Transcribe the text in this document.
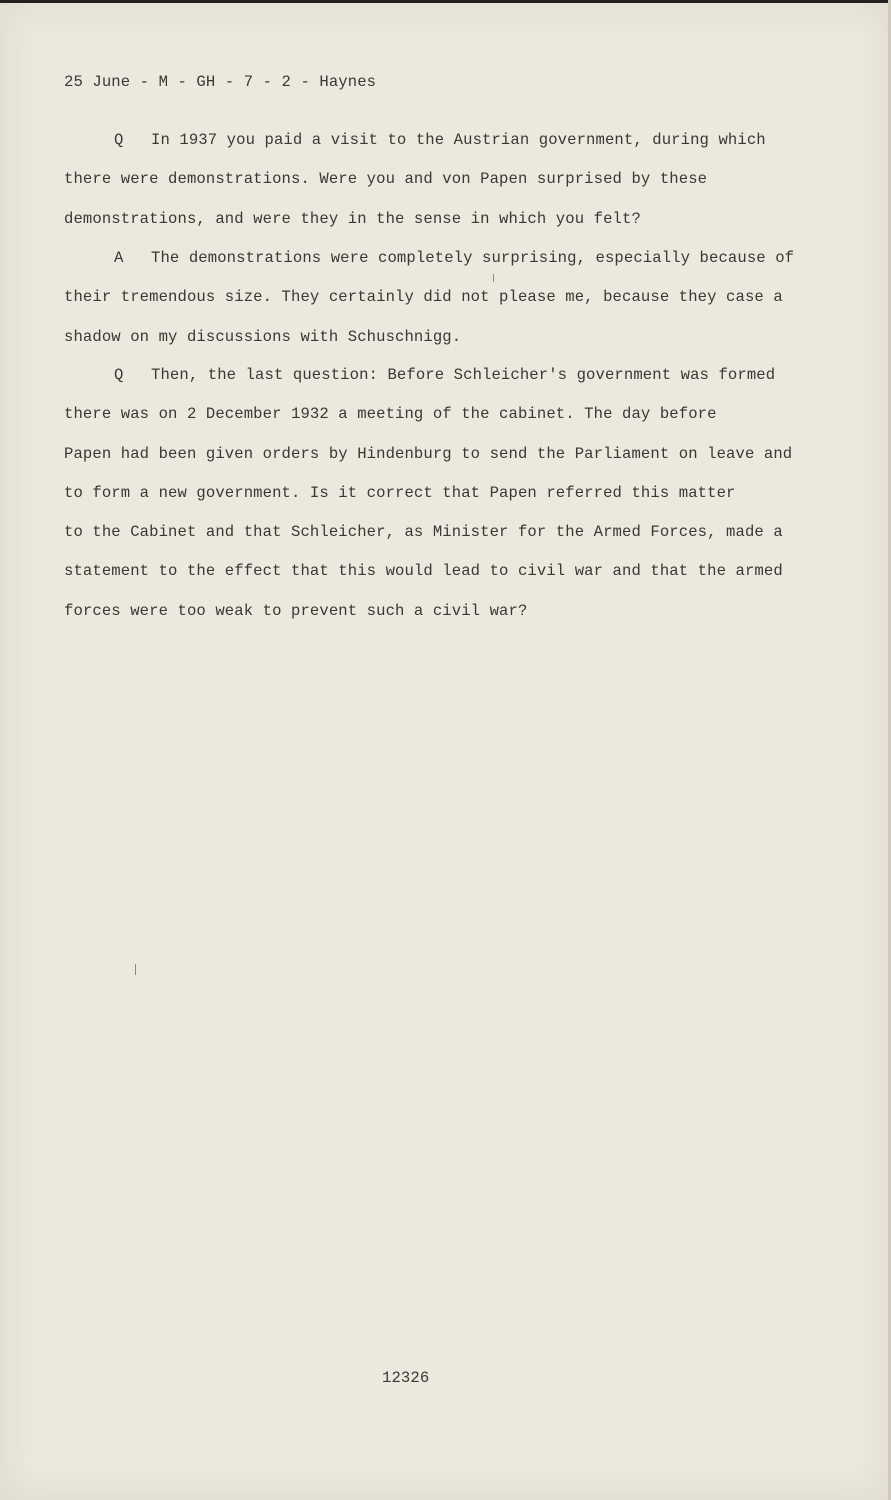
25 June - M - GH - 7 - 2 - Haynes
Q In 1937 you paid a visit to the Austrian government, during which
there were demonstrations. Were you and von Papen surprised by these
demonstrations, and were they in the sense in which you felt?
A The demonstrations were completely surprising, especially because of
their tremendous size. They certainly did not please me, because they case a
shadow on my discussions with Schuschnigg.
Q Then, the last question: Before Schleicher's government was formed
there was on 2 December 1932 a meeting of the cabinet. The day before
Papen had been given orders by Hindenburg to send the Parliament on leave and
to form a new government. Is it correct that Papen referred this matter
to the Cabinet and that Schleicher, as Minister for the Armed Forces, made a
statement to the effect that this would lead to civil war and that the armed
forces were too weak to prevent such a civil war?
12326
